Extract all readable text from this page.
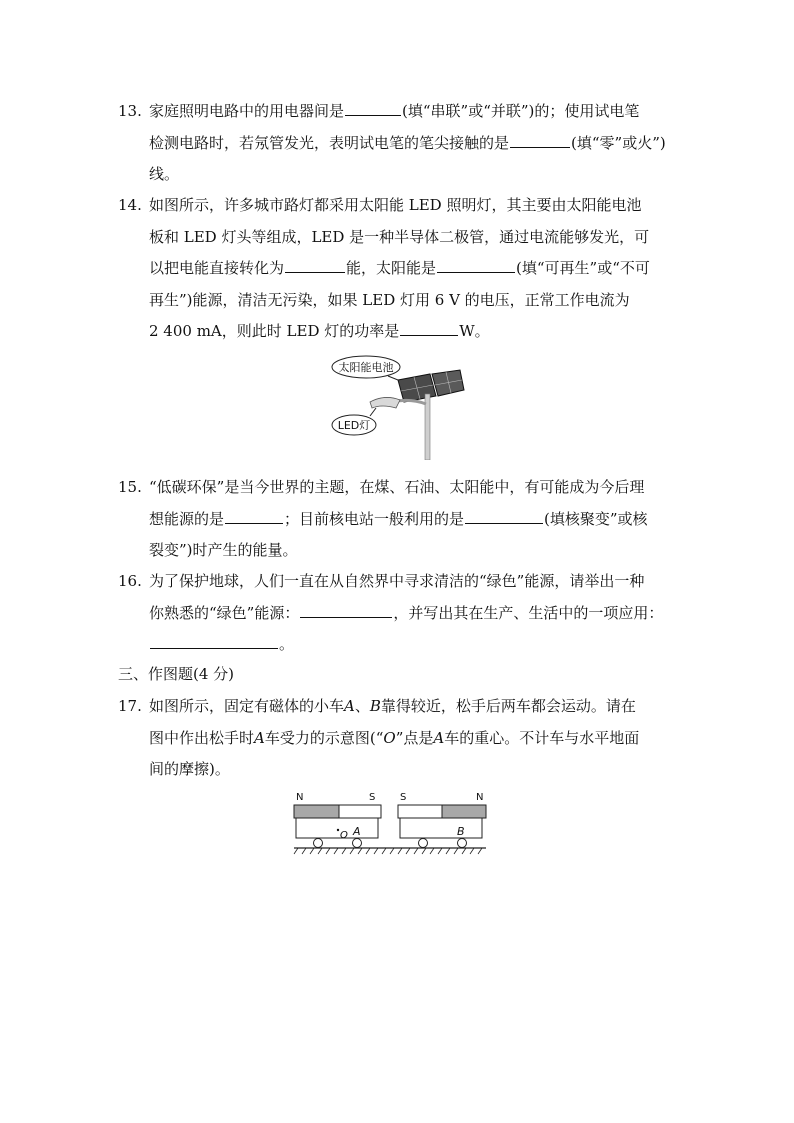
13. 家庭照明电路中的用电器间是	(填“串联”或“并联”)的；使用试电笔
检测电路时，若氖管发光，表明试电笔的笔尖接触的是	(填“零”或火”)
线。
14. 如图所示，许多城市路灯都采用太阳能 LED 照明灯，其主要由太阳能电池
板和 LED 灯头等组成，LED 是一种半导体二极管，通过电流能够发光，可
以把电能直接转化为	能，太阳能是	(填“可再生”或“不可
再生”)能源，清洁无污染，如果 LED 灯用 6 V 的电压，正常工作电流为
2 400 mA，则此时 LED 灯的功率是	W。
太阳能电池
LED灯
15. “低碳环保”是当今世界的主题，在煤、石油、太阳能中，有可能成为今后理
想能源的是	；目前核电站一般利用的是	(填核聚变”或核
裂变”)时产生的能量。
16. 为了保护地球，人们一直在从自然界中寻求清洁的“绿色”能源，请举出一种
你熟悉的“绿色”能源：	，并写出其在生产、生活中的一项应用：
。
三、作图题(4 分)
17. 如图所示，固定有磁体的小车A、B靠得较近，松手后两车都会运动。请在
图中作出松手时A车受力的示意图(“O”点是A车的重心。不计车与水平地面
间的摩擦)。
N	S S	N
O A	B
